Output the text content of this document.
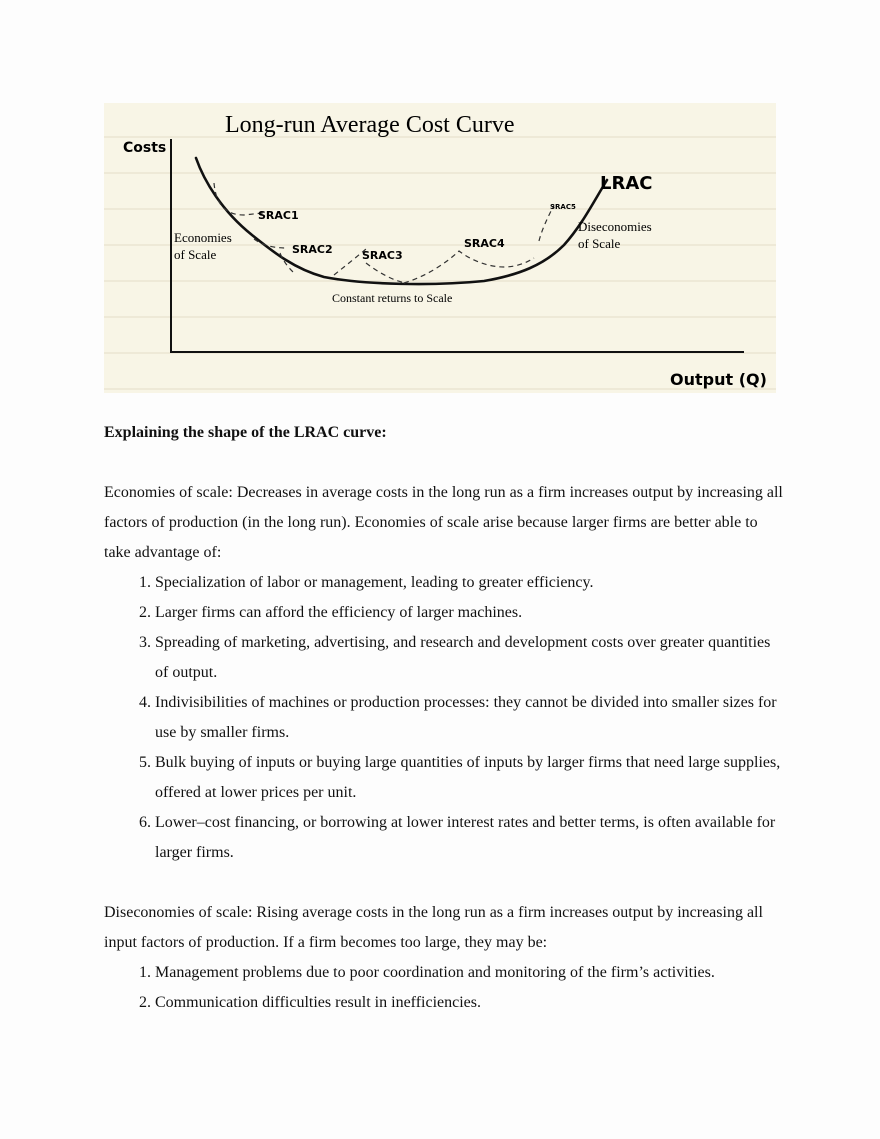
LRAC
SRAC1
SRAC2	SRAC3
SRAC4
SRAC5
Economies
of Scale
Diseconomies
of Scale
Constant returns to Scale
Long-run Average Cost Curve
Costs
Output (Q)

Explaining the shape of the LRAC curve:

Economies of scale: Decreases in average costs in the long run as a firm increases output by increasing all factors of production (in the long run). Economies of scale arise because larger firms are better able to take advantage of:

1. Specialization of labor or management, leading to greater efficiency.
2. Larger firms can afford the efficiency of larger machines.
3. Spreading of marketing, advertising, and research and development costs over greater quantities of output.
4. Indivisibilities of machines or production processes: they cannot be divided into smaller sizes for use by smaller firms.
5. Bulk buying of inputs or buying large quantities of inputs by larger firms that need large supplies, offered at lower prices per unit.
6. Lower–cost financing, or borrowing at lower interest rates and better terms, is often available for larger firms.

Diseconomies of scale: Rising average costs in the long run as a firm increases output by increasing all input factors of production. If a firm becomes too large, they may be:

1. Management problems due to poor coordination and monitoring of the firm’s activities.
2. Communication difficulties result in inefficiencies.
